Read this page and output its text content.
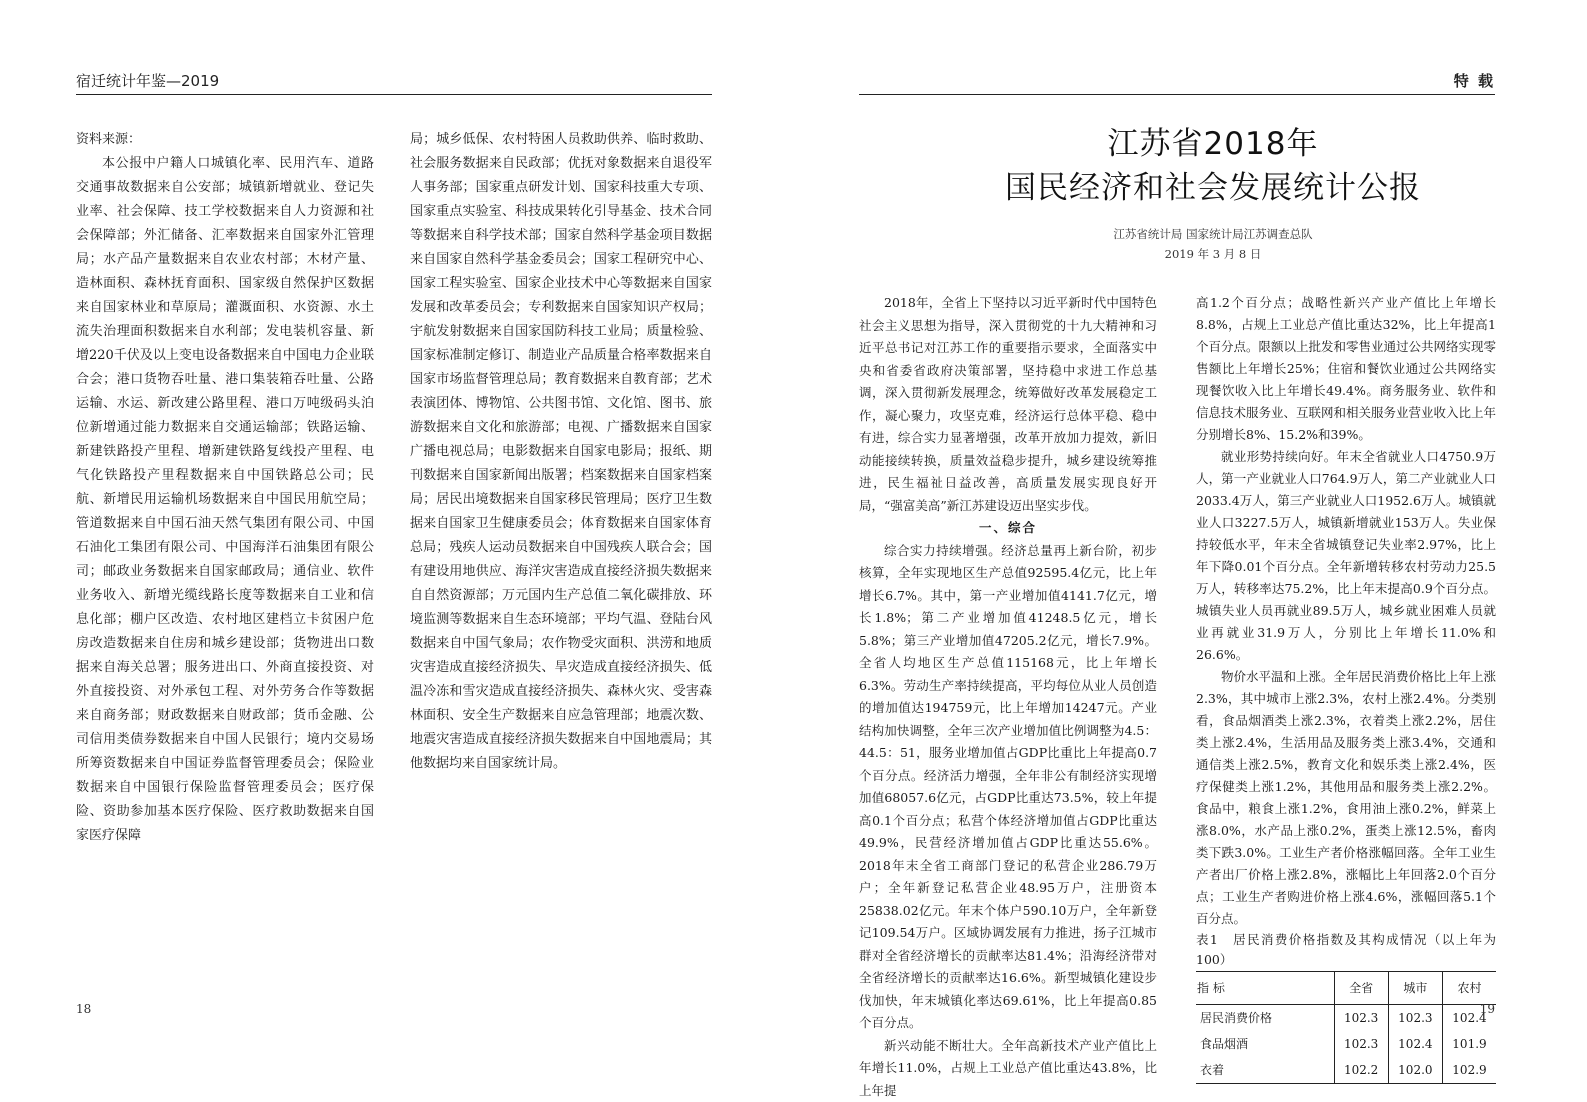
宿迁统计年鉴—2019

资料来源：

本公报中户籍人口城镇化率、民用汽车、道路交通事故数据来自公安部；城镇新增就业、登记失业率、社会保障、技工学校数据来自人力资源和社会保障部；外汇储备、汇率数据来自国家外汇管理局；水产品产量数据来自农业农村部；木材产量、造林面积、森林抚育面积、国家级自然保护区数据来自国家林业和草原局；灌溉面积、水资源、水土流失治理面积数据来自水利部；发电装机容量、新增220千伏及以上变电设备数据来自中国电力企业联合会；港口货物吞吐量、港口集装箱吞吐量、公路运输、水运、新改建公路里程、港口万吨级码头泊位新增通过能力数据来自交通运输部；铁路运输、新建铁路投产里程、增新建铁路复线投产里程、电气化铁路投产里程数据来自中国铁路总公司；民航、新增民用运输机场数据来自中国民用航空局；管道数据来自中国石油天然气集团有限公司、中国石油化工集团有限公司、中国海洋石油集团有限公司；邮政业务数据来自国家邮政局；通信业、软件业务收入、新增光缆线路长度等数据来自工业和信息化部；棚户区改造、农村地区建档立卡贫困户危房改造数据来自住房和城乡建设部；货物进出口数据来自海关总署；服务进出口、外商直接投资、对外直接投资、对外承包工程、对外劳务合作等数据来自商务部；财政数据来自财政部；货币金融、公司信用类债券数据来自中国人民银行；境内交易场所筹资数据来自中国证券监督管理委员会；保险业数据来自中国银行保险监督管理委员会；医疗保险、资助参加基本医疗保险、医疗救助数据来自国家医疗保障

局；城乡低保、农村特困人员救助供养、临时救助、社会服务数据来自民政部；优抚对象数据来自退役军人事务部；国家重点研发计划、国家科技重大专项、国家重点实验室、科技成果转化引导基金、技术合同等数据来自科学技术部；国家自然科学基金项目数据来自国家自然科学基金委员会；国家工程研究中心、国家工程实验室、国家企业技术中心等数据来自国家发展和改革委员会；专利数据来自国家知识产权局；宇航发射数据来自国家国防科技工业局；质量检验、国家标准制定修订、制造业产品质量合格率数据来自国家市场监督管理总局；教育数据来自教育部；艺术表演团体、博物馆、公共图书馆、文化馆、图书、旅游数据来自文化和旅游部；电视、广播数据来自国家广播电视总局；电影数据来自国家电影局；报纸、期刊数据来自国家新闻出版署；档案数据来自国家档案局；居民出境数据来自国家移民管理局；医疗卫生数据来自国家卫生健康委员会；体育数据来自国家体育总局；残疾人运动员数据来自中国残疾人联合会；国有建设用地供应、海洋灾害造成直接经济损失数据来自自然资源部；万元国内生产总值二氧化碳排放、环境监测等数据来自生态环境部；平均气温、登陆台风数据来自中国气象局；农作物受灾面积、洪涝和地质灾害造成直接经济损失、旱灾造成直接经济损失、低温冷冻和雪灾造成直接经济损失、森林火灾、受害森林面积、安全生产数据来自应急管理部；地震次数、地震灾害造成直接经济损失数据来自中国地震局；其他数据均来自国家统计局。

18
特 载
江苏省2018年
国民经济和社会发展统计公报
江苏省统计局 国家统计局江苏调查总队
2019 年 3 月 8 日

2018年，全省上下坚持以习近平新时代中国特色社会主义思想为指导，深入贯彻党的十九大精神和习近平总书记对江苏工作的重要指示要求，全面落实中央和省委省政府决策部署，坚持稳中求进工作总基调，深入贯彻新发展理念，统筹做好改革发展稳定工作，凝心聚力，攻坚克难，经济运行总体平稳、稳中有进，综合实力显著增强，改革开放加力提效，新旧动能接续转换，质量效益稳步提升，城乡建设统筹推进，民生福祉日益改善，高质量发展实现良好开局，“强富美高”新江苏建设迈出坚实步伐。

一、综合

综合实力持续增强。经济总量再上新台阶，初步核算，全年实现地区生产总值92595.4亿元，比上年增长6.7%。其中，第一产业增加值4141.7亿元，增长1.8%；第二产业增加值41248.5亿元，增长5.8%；第三产业增加值47205.2亿元，增长7.9%。全省人均地区生产总值115168元，比上年增长6.3%。劳动生产率持续提高，平均每位从业人员创造的增加值达194759元，比上年增加14247元。产业结构加快调整，全年三次产业增加值比例调整为4.5：44.5：51，服务业增加值占GDP比重比上年提高0.7个百分点。经济活力增强，全年非公有制经济实现增加值68057.6亿元，占GDP比重达73.5%，较上年提高0.1个百分点；私营个体经济增加值占GDP比重达49.9%，民营经济增加值占GDP比重达55.6%。2018年末全省工商部门登记的私营企业286.79万户；全年新登记私营企业48.95万户，注册资本25838.02亿元。年末个体户590.10万户，全年新登记109.54万户。区域协调发展有力推进，扬子江城市群对全省经济增长的贡献率达81.4%；沿海经济带对全省经济增长的贡献率达16.6%。新型城镇化建设步伐加快，年末城镇化率达69.61%，比上年提高0.85个百分点。

新兴动能不断壮大。全年高新技术产业产值比上年增长11.0%，占规上工业总产值比重达43.8%，比上年提

高1.2个百分点；战略性新兴产业产值比上年增长8.8%，占规上工业总产值比重达32%，比上年提高1个百分点。限额以上批发和零售业通过公共网络实现零售额比上年增长25%；住宿和餐饮业通过公共网络实现餐饮收入比上年增长49.4%。商务服务业、软件和信息技术服务业、互联网和相关服务业营业收入比上年分别增长8%、15.2%和39%。

就业形势持续向好。年末全省就业人口4750.9万人，第一产业就业人口764.9万人，第二产业就业人口2033.4万人，第三产业就业人口1952.6万人。城镇就业人口3227.5万人，城镇新增就业153万人。失业保持较低水平，年末全省城镇登记失业率2.97%，比上年下降0.01个百分点。全年新增转移农村劳动力25.5万人，转移率达75.2%，比上年末提高0.9个百分点。城镇失业人员再就业89.5万人，城乡就业困难人员就业再就业31.9万人，分别比上年增长11.0%和26.6%。

物价水平温和上涨。全年居民消费价格比上年上涨2.3%，其中城市上涨2.3%，农村上涨2.4%。分类别看，食品烟酒类上涨2.3%，衣着类上涨2.2%，居住类上涨2.4%，生活用品及服务类上涨3.4%，交通和通信类上涨2.5%，教育文化和娱乐类上涨2.4%，医疗保健类上涨1.2%，其他用品和服务类上涨2.2%。食品中，粮食上涨1.2%，食用油上涨0.2%，鲜菜上涨8.0%，水产品上涨0.2%，蛋类上涨12.5%，畜肉类下跌3.0%。工业生产者价格涨幅回落。全年工业生产者出厂价格上涨2.8%，涨幅比上年回落2.0个百分点；工业生产者购进价格上涨4.6%，涨幅回落5.1个百分点。

表1　居民消费价格指数及其构成情况（以上年为100）

指 标	全省	城市	农村
居民消费价格	102.3	102.3	102.4
食品烟酒	102.3	102.4	101.9
衣着	102.2	102.0	102.9
19
